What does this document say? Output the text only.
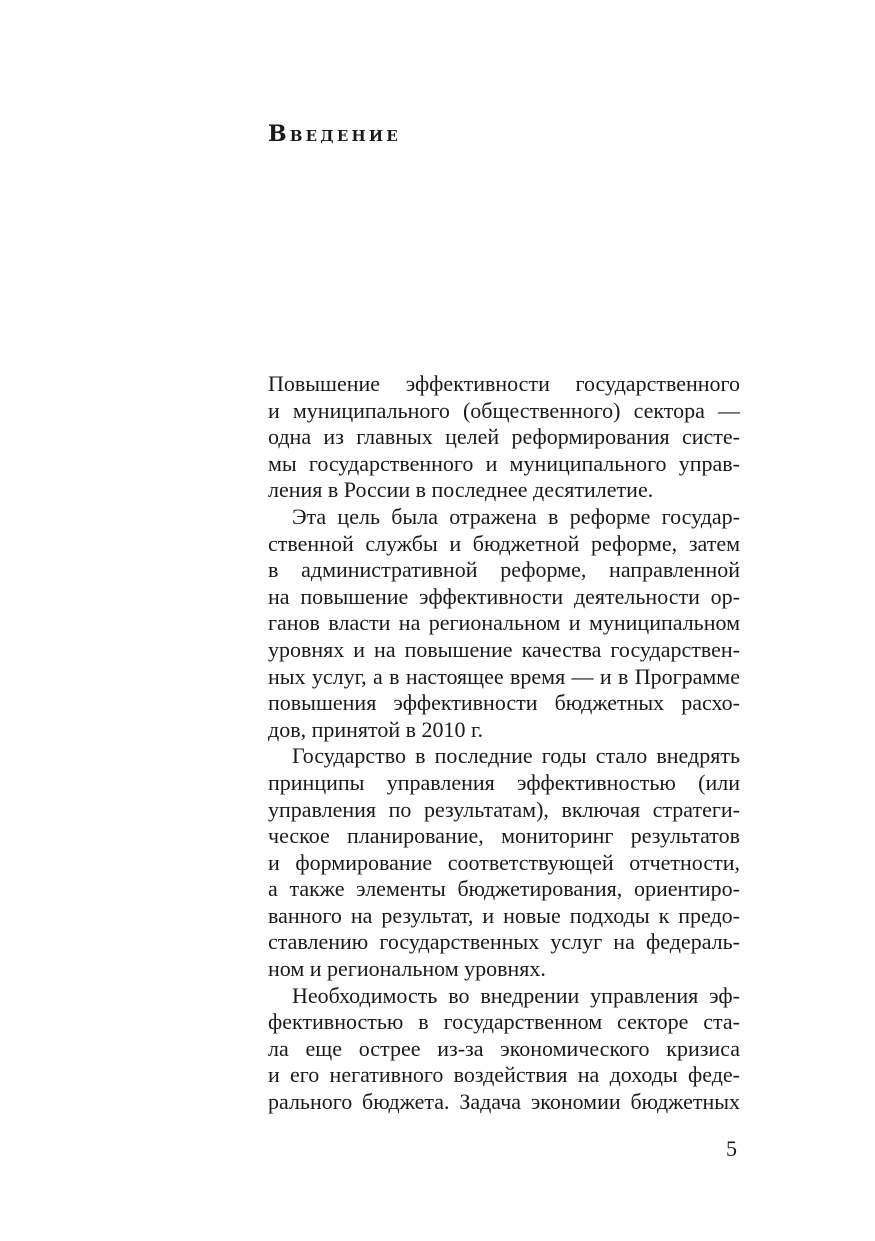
Введение
Повышение эффективности государственного
и муниципального (общественного) сектора —
одна из главных целей реформирования систе-
мы государственного и муниципального управ-
ления в России в последнее десятилетие.
Эта цель была отражена в реформе государ-
ственной службы и бюджетной реформе, затем
в административной реформе, направленной
на повышение эффективности деятельности ор-
ганов власти на региональном и муниципальном
уровнях и на повышение качества государствен-
ных услуг, а в настоящее время — и в Программе
повышения эффективности бюджетных расхо-
дов, принятой в 2010 г.
Государство в последние годы стало внедрять
принципы управления эффективностью (или
управления по результатам), включая стратеги-
ческое планирование, мониторинг результатов
и формирование соответствующей отчетности,
а также элементы бюджетирования, ориентиро-
ванного на результат, и новые подходы к предо-
ставлению государственных услуг на федераль-
ном и региональном уровнях.
Необходимость во внедрении управления эф-
фективностью в государственном секторе ста-
ла еще острее из-за экономического кризиса
и его негативного воздействия на доходы феде-
рального бюджета. Задача экономии бюджетных
5
